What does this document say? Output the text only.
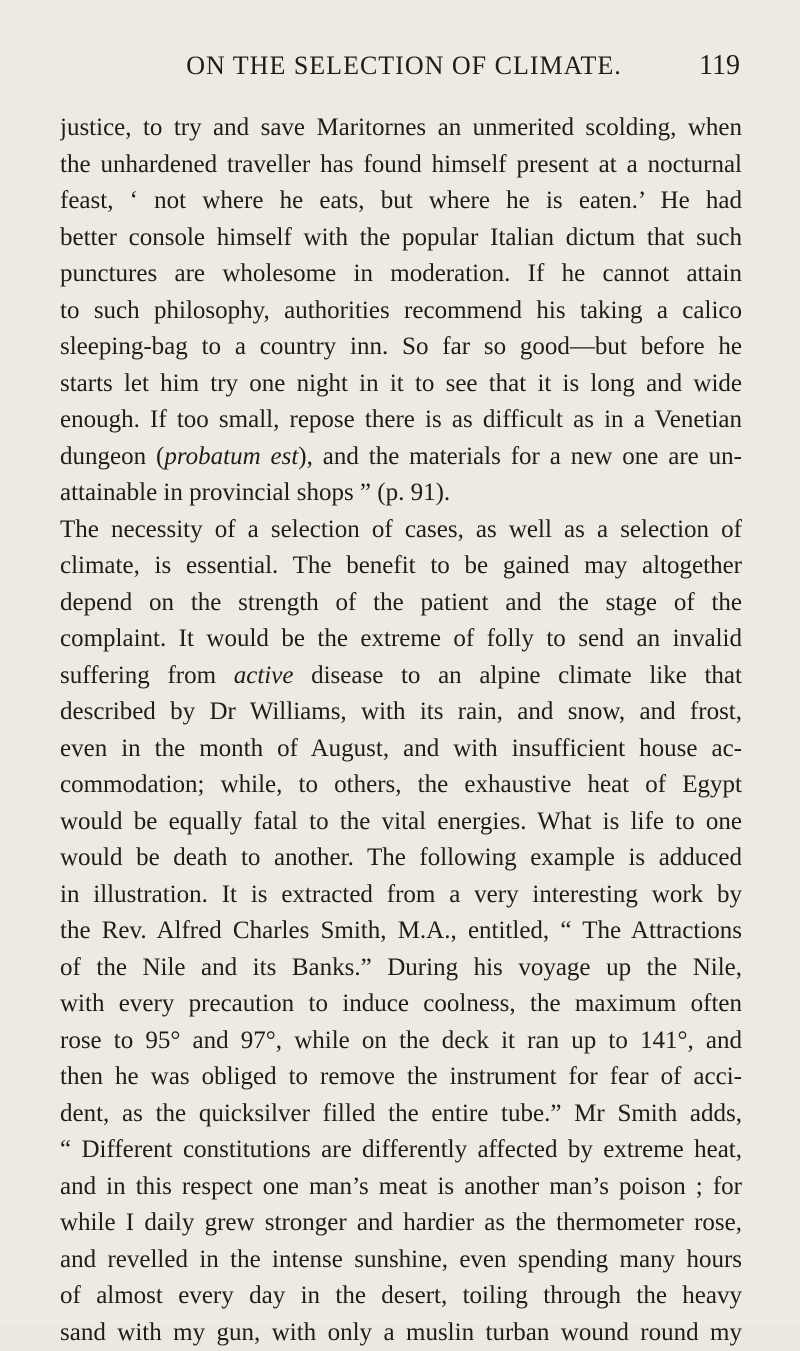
ON THE SELECTION OF CLIMATE.	119
justice, to try and save Maritornes an unmerited scolding, when
the unhardened traveller has found himself present at a nocturnal
feast, ‘ not where he eats, but where he is eaten.’ He had
better console himself with the popular Italian dictum that such
punctures are wholesome in moderation. If he cannot attain
to such philosophy, authorities recommend his taking a calico
sleeping-bag to a country inn. So far so good—but before he
starts let him try one night in it to see that it is long and wide
enough. If too small, repose there is as difficult as in a Venetian
dungeon (probatum est), and the materials for a new one are un-
attainable in provincial shops ” (p. 91).
The necessity of a selection of cases, as well as a selection of
climate, is essential. The benefit to be gained may altogether
depend on the strength of the patient and the stage of the
complaint. It would be the extreme of folly to send an invalid
suffering from active disease to an alpine climate like that
described by Dr Williams, with its rain, and snow, and frost,
even in the month of August, and with insufficient house ac-
commodation; while, to others, the exhaustive heat of Egypt
would be equally fatal to the vital energies. What is life to one
would be death to another. The following example is adduced
in illustration. It is extracted from a very interesting work by
the Rev. Alfred Charles Smith, M.A., entitled, “ The Attractions
of the Nile and its Banks.” During his voyage up the Nile,
with every precaution to induce coolness, the maximum often
rose to 95° and 97°, while on the deck it ran up to 141°, and
then he was obliged to remove the instrument for fear of acci-
dent, as the quicksilver filled the entire tube.” Mr Smith adds,
“ Different constitutions are differently affected by extreme heat,
and in this respect one man’s meat is another man’s poison ; for
while I daily grew stronger and hardier as the thermometer rose,
and revelled in the intense sunshine, even spending many hours
of almost every day in the desert, toiling through the heavy
sand with my gun, with only a muslin turban wound round my
